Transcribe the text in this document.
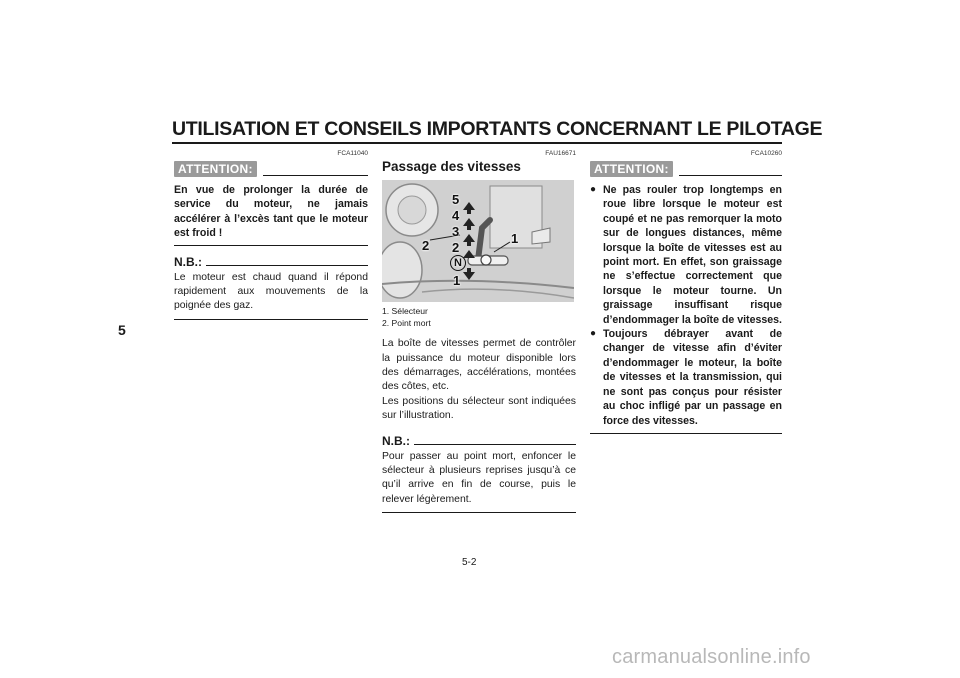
UTILISATION ET CONSEILS IMPORTANTS CONCERNANT LE PILOTAGE
5
FCA11040
ATTENTION:
En vue de prolonger la durée de service du moteur, ne jamais accélérer à l’excès tant que le moteur est froid !
N.B.:
Le moteur est chaud quand il répond rapidement aux mouvements de la poignée des gaz.
FAU16671
Passage des vitesses
5
4
3
2
N
1
2	1
1. Sélecteur
2. Point mort
La boîte de vitesses permet de contrôler la puissance du moteur disponible lors des démarrages, accélérations, montées des côtes, etc.
Les positions du sélecteur sont indiquées sur l’illustration.
N.B.:
Pour passer au point mort, enfoncer le sélecteur à plusieurs reprises jusqu’à ce qu’il arrive en fin de course, puis le relever légèrement.
FCA10260
ATTENTION:
● Ne pas rouler trop longtemps en roue libre lorsque le moteur est coupé et ne pas remorquer la moto sur de longues distances, même lorsque la boîte de vitesses est au point mort. En effet, son graissage ne s’effectue correctement que lorsque le moteur tourne. Un graissage insuffisant risque d’endommager la boîte de vitesses.
● Toujours débrayer avant de changer de vitesse afin d’éviter d’endommager le moteur, la boîte de vitesses et la transmission, qui ne sont pas conçus pour résister au choc infligé par un passage en force des vitesses.
5-2
carmanualsonline.info
